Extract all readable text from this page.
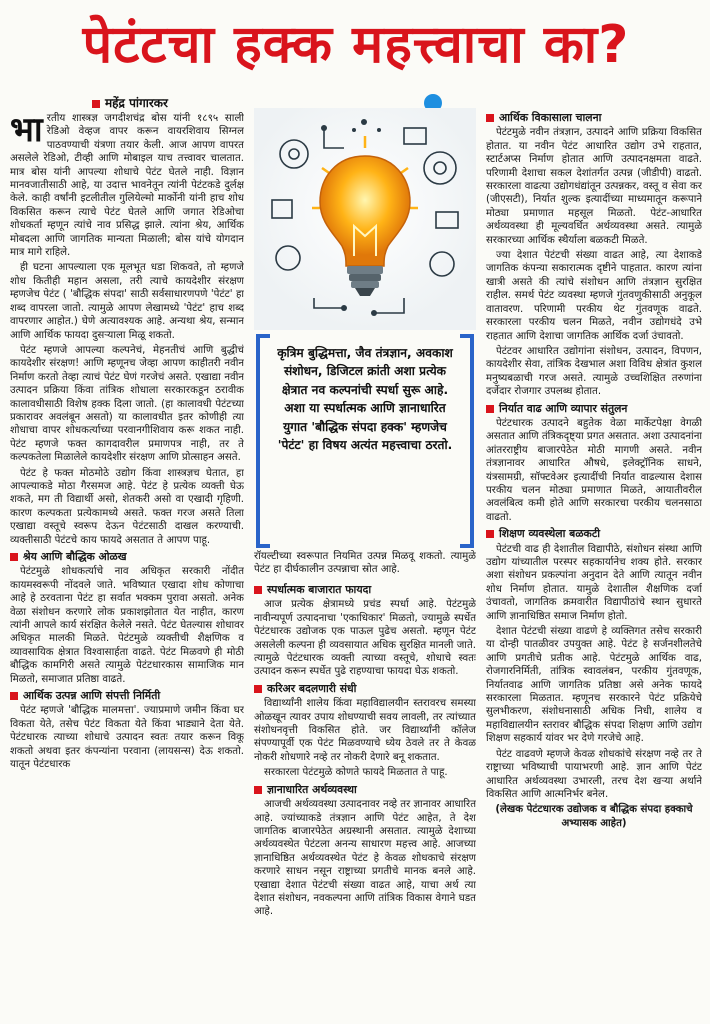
पेटंटचा हक्क महत्त्वाचा का?
महेंद्र पांगारकर

भारतीय शास्त्रज्ञ जगदीशचंद्र बोस यांनी १८९५ साली रेडिओ वेव्हज वापर करून वायरशिवाय सिग्नल पाठवण्याची यंत्रणा तयार केली. आज आपण वापरत असलेले रेडिओ, टीव्ही आणि मोबाइल याच तत्त्वावर चालतात. मात्र बोस यांनी आपल्या शोधाचे पेटंट घेतले नाही. विज्ञान मानवजातीसाठी आहे, या उदात्त भावनेतून त्यांनी पेटंटकडे दुर्लक्ष केले. काही वर्षांनी इटलीतील गुलियेल्मो मार्कोनी यांनी हाच शोध विकसित करून त्याचे पेटंट घेतले आणि जगात रेडिओचा शोधकर्ता म्हणून त्यांचे नाव प्रसिद्ध झाले. त्यांना श्रेय, आर्थिक मोबदला आणि जागतिक मान्यता मिळाली; बोस यांचे योगदान मात्र मागे राहिले.

ही घटना आपल्याला एक मूलभूत धडा शिकवते, तो म्हणजे शोध कितीही महान असला, तरी त्याचे कायदेशीर संरक्षण म्हणजेच पेटंट ( 'बौद्धिक संपदा' साठी सर्वसाधारणपणे 'पेटंट' हा शब्द वापरला जातो. त्यामुळे आपण लेखामध्ये 'पेटंट' हाच शब्द वापरणार आहोत.) घेणे अत्यावश्यक आहे. अन्यथा श्रेय, सन्मान आणि आर्थिक फायदा दुसऱ्याला मिळू शकतो.

पेटंट म्हणजे आपल्या कल्पनेचं, मेहनतीचं आणि बुद्धीचं कायदेशीर संरक्षण! आणि म्हणूनच जेव्हा आपण काहीतरी नवीन निर्माण करतो तेव्हा त्याचं पेटंट घेणं गरजेचं असते. एखाद्या नवीन उत्पादन प्रक्रिया किंवा तांत्रिक शोधाला सरकारकडून ठरावीक कालावधीसाठी विशेष हक्क दिला जातो. (हा कालावधी पेटंटच्या प्रकारावर अवलंबून असतो) या कालावधीत इतर कोणीही त्या शोधाचा वापर शोधकर्त्याच्या परवानगीशिवाय करू शकत नाही. पेटंट म्हणजे फक्त कागदावरील प्रमाणपत्र नाही, तर ते कल्पकतेला मिळालेले कायदेशीर संरक्षण आणि प्रोत्साहन असते.

पेटंट हे फक्त मोठमोठे उद्योग किंवा शास्त्रज्ञच घेतात, हा आपल्याकडे मोठा गैरसमज आहे. पेटंट हे प्रत्येक व्यक्ती घेऊ शकते, मग ती विद्यार्थी असो, शेतकरी असो वा एखादी गृहिणी. कारण कल्पकता प्रत्येकामध्ये असते. फक्त गरज असते तिला एखाद्या वस्तूचे स्वरूप देऊन पेटंटसाठी दाखल करण्याची. व्यक्तीसाठी पेटंटचे काय फायदे असतात ते आपण पाहू.

श्रेय आणि बौद्धिक ओळख

पेटंटमुळे शोधकर्त्याचे नाव अधिकृत सरकारी नोंदीत कायमस्वरूपी नोंदवले जाते. भविष्यात एखादा शोध कोणाचा आहे हे ठरवताना पेटंट हा सर्वात भक्कम पुरावा असतो. अनेक वेळा संशोधन करणारे लोक प्रकाशझोतात येत नाहीत, कारण त्यांनी आपले कार्य संरक्षित केलेले नसते. पेटंट घेतल्यास शोधावर अधिकृत मालकी मिळते. पेटंटमुळे व्यक्तीची शैक्षणिक व व्यावसायिक क्षेत्रात विश्वासार्हता वाढते. पेटंट मिळवणे ही मोठी बौद्धिक कामगिरी असते त्यामुळे पेटंटधारकास सामाजिक मान मिळतो, समाजात प्रतिष्ठा वाढते.

आर्थिक उत्पन्न आणि संपत्ती निर्मिती

पेटंट म्हणजे 'बौद्धिक मालमत्ता'. ज्याप्रमाणे जमीन किंवा घर विकता येते, तसेच पेटंट विकता येते किंवा भाड्याने देता येते. पेटंटधारक त्याच्या शोधाचे उत्पादन स्वतः तयार करून विकू शकतो अथवा इतर कंपन्यांना परवाना (लायसन्स) देऊ शकतो. यातून पेटंटधारक

कृत्रिम बुद्धिमत्ता, जैव तंत्रज्ञान, अवकाश संशोधन, डिजिटल क्रांती अशा प्रत्येक क्षेत्रात नव कल्पनांची स्पर्धा सुरू आहे. अशा या स्पर्धात्मक आणि ज्ञानाधारित युगात 'बौद्धिक संपदा हक्क' म्हणजेच 'पेटंट' हा विषय अत्यंत महत्त्वाचा ठरतो.

रॉयल्टीच्या स्वरूपात नियमित उत्पन्न मिळवू शकतो. त्यामुळे पेटंट हा दीर्घकालीन उत्पन्नाचा स्रोत आहे.

स्पर्धात्मक बाजारात फायदा

आज प्रत्येक क्षेत्रामध्ये प्रचंड स्पर्धा आहे. पेटंटमुळे नावीन्यपूर्ण उत्पादनाचा 'एकाधिकार' मिळतो, ज्यामुळे स्पर्धेत पेटंटधारक उद्योजक एक पाऊल पुढेच असतो. म्हणून पेटंट असलेली कल्पना ही व्यवसायात अधिक सुरक्षित मानली जाते. त्यामुळे पेटंटधारक व्यक्ती त्याच्या वस्तूचे, शोधाचे स्वतः उत्पादन करून स्पर्धेत पुढे राहण्याचा फायदा घेऊ शकतो.

करिअर बदलणारी संधी

विद्यार्थ्यांनी शालेय किंवा महाविद्यालयीन स्तरावरच समस्या ओळखून त्यावर उपाय शोधण्याची सवय लावली, तर त्यांच्यात संशोधनवृत्ती विकसित होते. जर विद्यार्थ्यांनी कॉलेज संपण्यापूर्वी एक पेटंट मिळवण्याचे ध्येय ठेवले तर ते केवळ नोकरी शोधणारे नव्हे तर नोकरी देणारे बनू शकतात.

सरकारला पेटंटमुळे कोणते फायदे मिळतात ते पाहू.

ज्ञानाधारित अर्थव्यवस्था

आजची अर्थव्यवस्था उत्पादनावर नव्हे तर ज्ञानावर आधारित आहे. ज्यांच्याकडे तंत्रज्ञान आणि पेटंट आहेत, ते देश जागतिक बाजारपेठेत अग्रस्थानी असतात. त्यामुळे देशाच्या अर्थव्यवस्थेत पेटंटला अनन्य साधारण महत्त्व आहे. आजच्या ज्ञानाधिष्ठित अर्थव्यवस्थेत पेटंट हे केवळ शोधकाचे संरक्षण करणारे साधन नसून राष्ट्राच्या प्रगतीचे मानक बनले आहे. एखाद्या देशात पेटंटची संख्या वाढत आहे, याचा अर्थ त्या देशात संशोधन, नवकल्पना आणि तांत्रिक विकास वेगाने घडत आहे.

आर्थिक विकासाला चालना

पेटंटमुळे नवीन तंत्रज्ञान, उत्पादने आणि प्रक्रिया विकसित होतात. या नवीन पेटंट आधारित उद्योग उभे राहतात, स्टार्टअप्स निर्माण होतात आणि उत्पादनक्षमता वाढते. परिणामी देशाचा सकल देशांतर्गत उत्पन्न (जीडीपी) वाढतो. सरकारला वाढत्या उद्योगधंद्यांतून उत्पन्नकर, वस्तू व सेवा कर (जीएसटी), निर्यात शुल्क इत्यादींच्या माध्यमातून करूपाने मोठ्या प्रमाणात महसूल मिळतो. पेटंट-आधारित अर्थव्यवस्था ही मूल्यवर्धित अर्थव्यवस्था असते. त्यामुळे सरकारच्या आर्थिक स्थैर्याला बळकटी मिळते.

ज्या देशात पेटंटची संख्या वाढत आहे, त्या देशाकडे जागतिक कंपन्या सकारात्मक दृष्टीने पाहतात. कारण त्यांना खात्री असते की त्यांचे संशोधन आणि तंत्रज्ञान सुरक्षित राहील. समर्थ पेटंट व्यवस्था म्हणजे गुंतवणुकीसाठी अनुकूल वातावरण. परिणामी परकीय थेट गुंतवणूक वाढते. सरकारला परकीय चलन मिळते, नवीन उद्योगधंदे उभे राहतात आणि देशाचा जागतिक आर्थिक दर्जा उंचावतो.

पेटंटवर आधारित उद्योगांना संशोधन, उत्पादन, विपणन, कायदेशीर सेवा, तांत्रिक देखभाल अशा विविध क्षेत्रांत कुशल मनुष्यबळाची गरज असते. त्यामुळे उच्चशिक्षित तरुणांना दर्जेदार रोजगार उपलब्ध होतात.

निर्यात वाढ आणि व्यापार संतुलन

पेटंटधारक उत्पादने बहुतेक वेळा मार्केटपेक्षा वेगळी असतात आणि तंत्रिकदृष्ट्या प्रगत असतात. अशा उत्पादनांना आंतरराष्ट्रीय बाजारपेठेत मोठी मागणी असते. नवीन तंत्रज्ञानावर आधारित औषधे, इलेक्ट्रॉनिक साधने, यंत्रसामग्री, सॉफ्टवेअर इत्यादींची निर्यात वाढल्यास देशास परकीय चलन मोठ्या प्रमाणात मिळते, आयातीवरील अवलंबित्व कमी होते आणि सरकारचा परकीय चलनसाठा वाढतो.

शिक्षण व्यवस्थेला बळकटी

पेटंटची वाढ ही देशातील विद्यापीठे, संशोधन संस्था आणि उद्योग यांच्यातील परस्पर सहकार्यानेच शक्य होते. सरकार अशा संशोधन प्रकल्पांना अनुदान देते आणि त्यातून नवीन शोध निर्माण होतात. यामुळे देशातील शैक्षणिक दर्जा उंचावतो, जागतिक क्रमवारीत विद्यापीठांचे स्थान सुधारते आणि ज्ञानाधिष्ठित समाज निर्माण होतो.

देशात पेटंटची संख्या वाढणे हे व्यक्तिगत तसेच सरकारी या दोन्ही पातळीवर उपयुक्त आहे. पेटंट हे सर्जनशीलतेचे आणि प्रगतीचे प्रतीक आहे. पेटंटमुळे आर्थिक वाढ, रोजगारनिर्मिती, तांत्रिक स्वावलंबन, परकीय गुंतवणूक, निर्यातवाढ आणि जागतिक प्रतिष्ठा असे अनेक फायदे सरकारला मिळतात. म्हणूनच सरकारने पेटंट प्रक्रियेचे सुलभीकरण, संशोधनासाठी अधिक निधी, शालेय व महाविद्यालयीन स्तरावर बौद्धिक संपदा शिक्षण आणि उद्योग शिक्षण सहकार्य यांवर भर देणे गरजेचे आहे.

पेटंट वाढवणे म्हणजे केवळ शोधकांचे संरक्षण नव्हे तर ते राष्ट्राच्या भविष्याची पायाभरणी आहे. ज्ञान आणि पेटंट आधारित अर्थव्यवस्था उभारली, तरच देश खऱ्या अर्थाने विकसित आणि आत्मनिर्भर बनेल.

(लेखक पेटंटधारक उद्योजक व बौद्धिक संपदा हक्काचे अभ्यासक आहेत)
